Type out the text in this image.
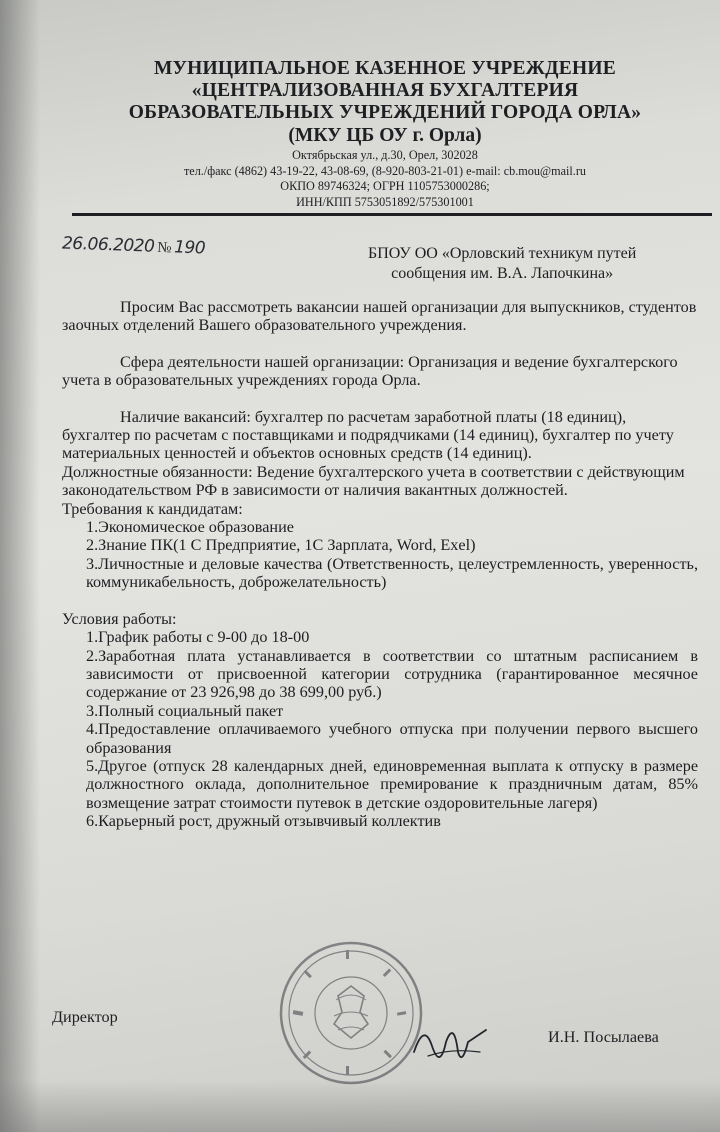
МУНИЦИПАЛЬНОЕ КАЗЕННОЕ УЧРЕЖДЕНИЕ
«ЦЕНТРАЛИЗОВАННАЯ БУХГАЛТЕРИЯ
ОБРАЗОВАТЕЛЬНЫХ УЧРЕЖДЕНИЙ ГОРОДА ОРЛА»
(МКУ ЦБ ОУ г. Орла)
Октябрьская ул., д.30, Орел, 302028
тел./факс (4862) 43-19-22, 43-08-69, (8-920-803-21-01) e-mail: cb.mou@mail.ru
ОКПО 89746324; ОГРН 1105753000286;
ИНН/КПП 5753051892/575301001
26.06.2020 № 190	БПОУ ОО «Орловский техникум путей
сообщения им. В.А. Лапочкина»

Просим Вас рассмотреть вакансии нашей организации для выпускников, студентов заочных отделений Вашего образовательного учреждения.

Сфера деятельности нашей организации: Организация и ведение бухгалтерского учета в образовательных учреждениях города Орла.

Наличие вакансий: бухгалтер по расчетам заработной платы (18 единиц), бухгалтер по расчетам с поставщиками и подрядчиками (14 единиц), бухгалтер по учету материальных ценностей и объектов основных средств (14 единиц).

Должностные обязанности: Ведение бухгалтерского учета в соответствии с действующим законодательством РФ в зависимости от наличия вакантных должностей.

Требования к кандидатам:

1.Экономическое образование

2.Знание ПК(1 С Предприятие, 1С Зарплата, Word, Exel)

3.Личностные и деловые качества (Ответственность, целеустремленность, уверенность, коммуникабельность, доброжелательность)

Условия работы:

1.График работы с 9-00 до 18-00

2.Заработная плата устанавливается в соответствии со штатным расписанием в зависимости от присвоенной категории сотрудника (гарантированное месячное содержание от 23 926,98 до 38 699,00 руб.)

3.Полный социальный пакет

4.Предоставление оплачиваемого учебного отпуска при получении первого высшего образования

5.Другое (отпуск 28 календарных дней, единовременная выплата к отпуску в размере должностного оклада, дополнительное премирование к праздничным датам, 85% возмещение затрат стоимости путевок в детские оздоровительные лагеря)

6.Карьерный рост, дружный отзывчивый коллектив

Директор
И.Н. Посылаева
